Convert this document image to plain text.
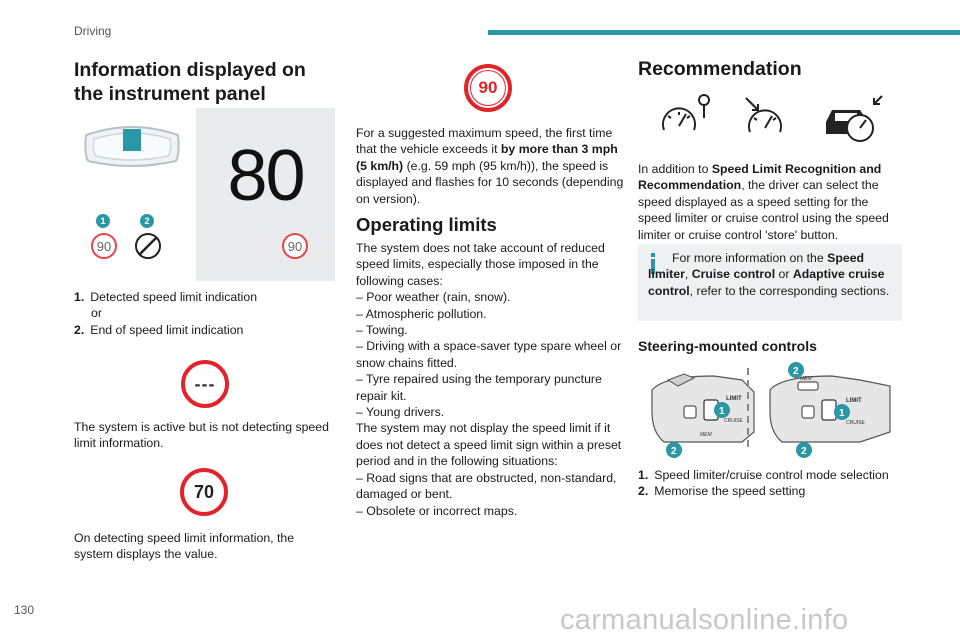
Driving
Information displayed on the instrument panel
80
90
1	2
90
1. Detected speed limit indication
or
2. End of speed limit indication
---

The system is active but is not detecting speed limit information.

70

On detecting speed limit information, the system displays the value.

90

For a suggested maximum speed, the first time that the vehicle exceeds it by more than 3 mph (5 km/h) (e.g. 59 mph (95 km/h)), the speed is displayed and flashes for 10 seconds (depending on version).

Operating limits

The system does not take account of reduced speed limits, especially those imposed in the following cases:

– Poor weather (rain, snow).

– Atmospheric pollution.

– Towing.

– Driving with a space-saver type spare wheel or snow chains fitted.

– Tyre repaired using the temporary puncture repair kit.

– Young drivers.

The system may not display the speed limit if it does not detect a speed limit sign within a preset period and in the following situations:

– Road signs that are obstructed, non-standard, damaged or bent.

– Obsolete or incorrect maps.

Recommendation

In addition to Speed Limit Recognition and Recommendation, the driver can select the speed displayed as a speed setting for the speed limiter or cruise control using the speed limiter or cruise control 'store' button.

For more information on the Speed limiter, Cruise control or Adaptive cruise control, refer to the corresponding sections.

Steering-mounted controls
1
LIMIT
CRUISE
MEM
2
MEM
1
LIMIT
CRUISE
2
2
1. Speed limiter/cruise control mode selection
2. Memorise the speed setting
130	carmanualsonline.info
